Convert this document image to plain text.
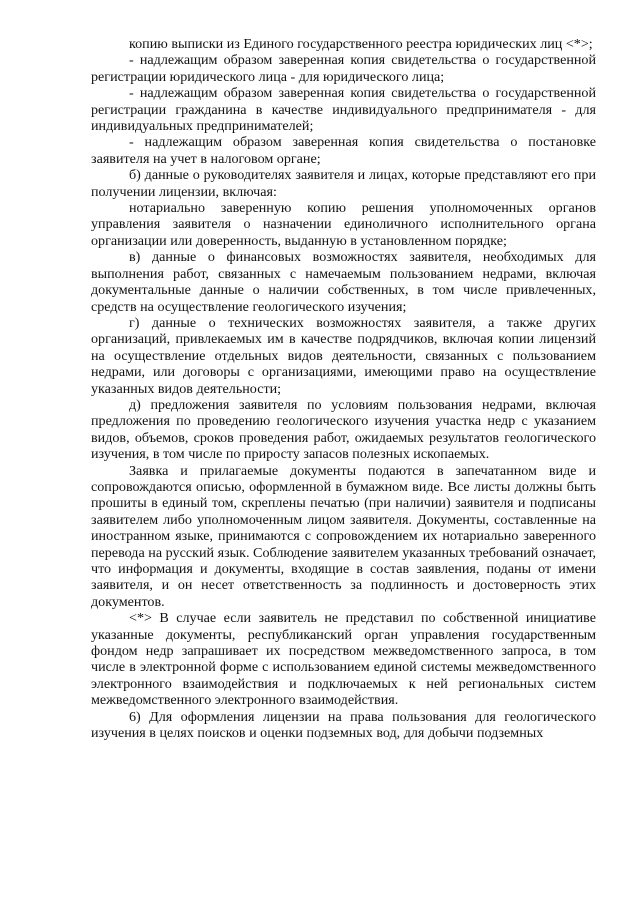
копию выписки из Единого государственного реестра юридических лиц <*>;

- надлежащим образом заверенная копия свидетельства о государственной регистрации юридического лица - для юридического лица;

- надлежащим образом заверенная копия свидетельства о государственной регистрации гражданина в качестве индивидуального предпринимателя - для индивидуальных предпринимателей;

- надлежащим образом заверенная копия свидетельства о постановке заявителя на учет в налоговом органе;

б) данные о руководителях заявителя и лицах, которые представляют его при получении лицензии, включая:

нотариально заверенную копию решения уполномоченных органов управления заявителя о назначении единоличного исполнительного органа организации или доверенность, выданную в установленном порядке;

в) данные о финансовых возможностях заявителя, необходимых для выполнения работ, связанных с намечаемым пользованием недрами, включая документальные данные о наличии собственных, в том числе привлеченных, средств на осуществление геологического изучения;

г) данные о технических возможностях заявителя, а также других организаций, привлекаемых им в качестве подрядчиков, включая копии лицензий на осуществление отдельных видов деятельности, связанных с пользованием недрами, или договоры с организациями, имеющими право на осуществление указанных видов деятельности;

д) предложения заявителя по условиям пользования недрами, включая предложения по проведению геологического изучения участка недр с указанием видов, объемов, сроков проведения работ, ожидаемых результатов геологического изучения, в том числе по приросту запасов полезных ископаемых.

Заявка и прилагаемые документы подаются в запечатанном виде и сопровождаются описью, оформленной в бумажном виде. Все листы должны быть прошиты в единый том, скреплены печатью (при наличии) заявителя и подписаны заявителем либо уполномоченным лицом заявителя. Документы, составленные на иностранном языке, принимаются с сопровождением их нотариально заверенного перевода на русский язык. Соблюдение заявителем указанных требований означает, что информация и документы, входящие в состав заявления, поданы от имени заявителя, и он несет ответственность за подлинность и достоверность этих документов.

<*> В случае если заявитель не представил по собственной инициативе указанные документы, республиканский орган управления государственным фондом недр запрашивает их посредством межведомственного запроса, в том числе в электронной форме с использованием единой системы межведомственного электронного взаимодействия и подключаемых к ней региональных систем межведомственного электронного взаимодействия.

6) Для оформления лицензии на права пользования для геологического изучения в целях поисков и оценки подземных вод, для добычи подземных
